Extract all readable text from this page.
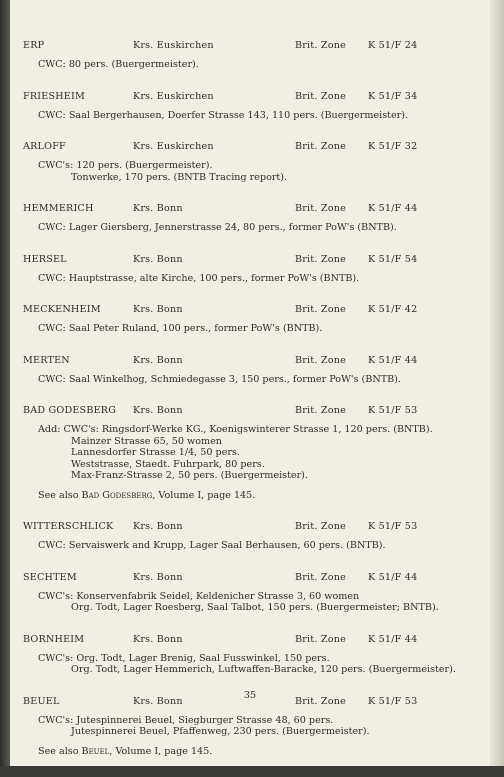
ERP	Krs. Euskirchen	Brit. Zone K 51/F 24
CWC: 80 pers. (Buergermeister).
FRIESHEIM	Krs. Euskirchen	Brit. Zone K 51/F 34
CWC: Saal Bergerhausen, Doerfer Strasse 143, 110 pers. (Buergermeister).
ARLOFF	Krs. Euskirchen	Brit. Zone K 51/F 32
CWC's: 120 pers. (Buergermeister).
Tonwerke, 170 pers. (BNTB Tracing report).
HEMMERICH	Krs. Bonn	Brit. Zone K 51/F 44
CWC: Lager Giersberg, Jennerstrasse 24, 80 pers., former PoW's (BNTB).
HERSEL	Krs. Bonn	Brit. Zone K 51/F 54
CWC: Hauptstrasse, alte Kirche, 100 pers., former PoW's (BNTB).
MECKENHEIM	Krs. Bonn	Brit. Zone K 51/F 42
CWC: Saal Peter Ruland, 100 pers., former PoW's (BNTB).
MERTEN	Krs. Bonn	Brit. Zone K 51/F 44
CWC: Saal Winkelhog, Schmiedegasse 3, 150 pers., former PoW's (BNTB).
BAD GODESBERG Krs. Bonn	Brit. Zone K 51/F 53
Add: CWC's: Ringsdorf-Werke KG., Koenigswinterer Strasse 1, 120 pers. (BNTB).
Mainzer Strasse 65, 50 women
Lannesdorfer Strasse 1/4, 50 pers.
Weststrasse, Staedt. Fuhrpark, 80 pers.
Max-Franz-Strasse 2, 50 pers. (Buergermeister).
See also Bad Godesberg, Volume I, page 145.
WITTERSCHLICK Krs. Bonn	Brit. Zone K 51/F 53
CWC: Servaiswerk and Krupp, Lager Saal Berhausen, 60 pers. (BNTB).
SECHTEM	Krs. Bonn	Brit. Zone K 51/F 44
CWC's: Konservenfabrik Seidel, Keldenicher Strasse 3, 60 women
Org. Todt, Lager Roesberg, Saal Talbot, 150 pers. (Buergermeister; BNTB).
BORNHEIM	Krs. Bonn	Brit. Zone K 51/F 44
CWC's: Org. Todt, Lager Brenig, Saal Fusswinkel, 150 pers.
Org. Todt, Lager Hemmerich, Luftwaffen-Baracke, 120 pers. (Buergermeister).
BEUEL	Krs. Bonn	Brit. Zone K 51/F 53
CWC's: Jutespinnerei Beuel, Siegburger Strasse 48, 60 pers.
Jutespinnerei Beuel, Pfaffenweg, 230 pers. (Buergermeister).
See also Beuel, Volume I, page 145.
35
